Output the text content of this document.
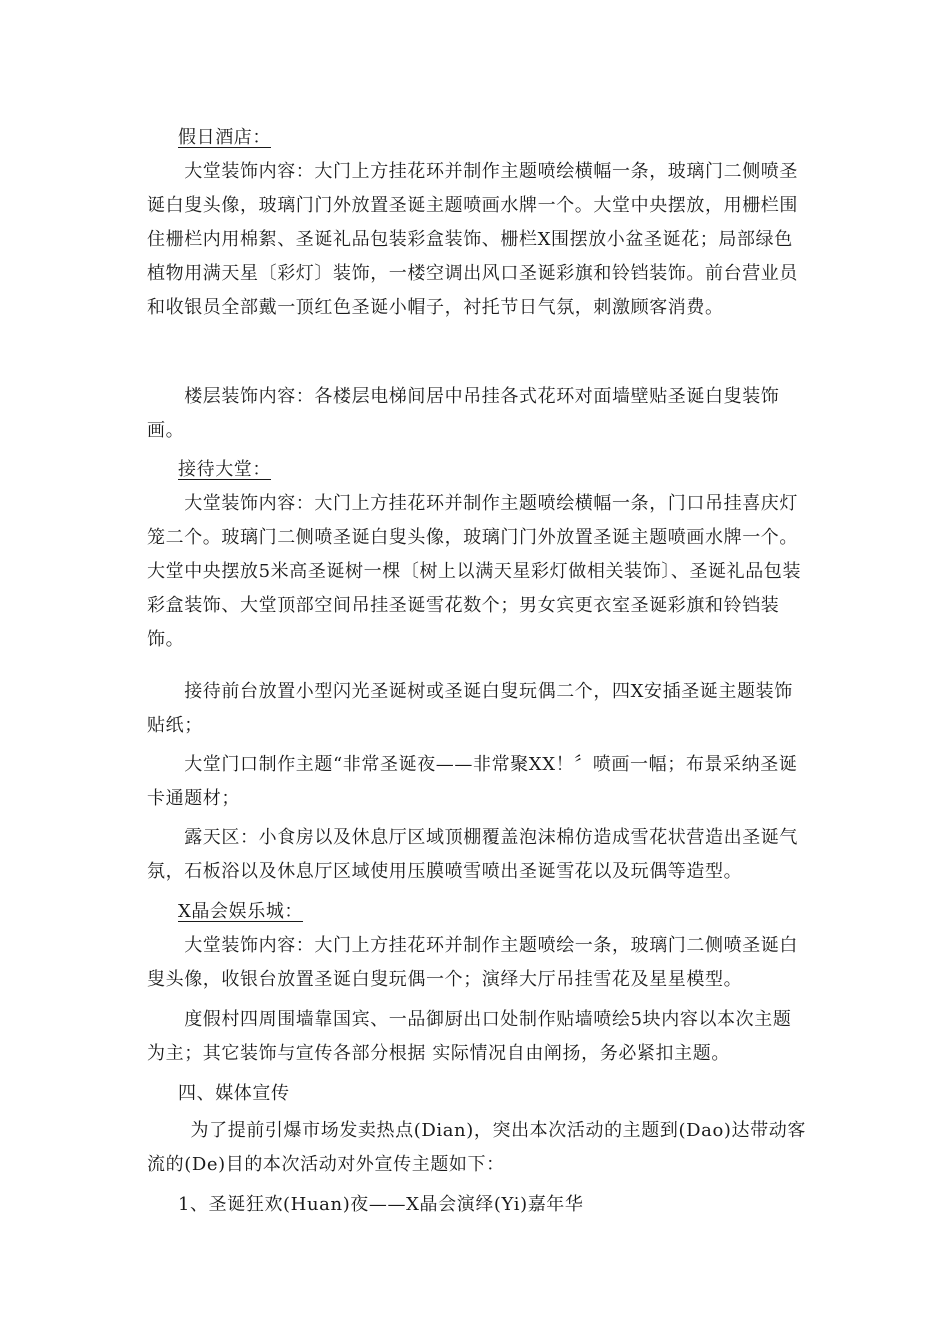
假日酒店：

　　大堂装饰内容：大门上方挂花环并制作主题喷绘横幅一条，玻璃门二侧喷圣诞白叟头像，玻璃门门外放置圣诞主题喷画水牌一个。大堂中央摆放，用栅栏围住栅栏内用棉絮、圣诞礼品包装彩盒装饰、栅栏X围摆放小盆圣诞花；局部绿色植物用满天星〔彩灯〕装饰，一楼空调出风口圣诞彩旗和铃铛装饰。前台营业员和收银员全部戴一顶红色圣诞小帽子，衬托节日气氛，刺激顾客消费。

　　楼层装饰内容：各楼层电梯间居中吊挂各式花环对面墙壁贴圣诞白叟装饰画。

接待大堂：

　　大堂装饰内容：大门上方挂花环并制作主题喷绘横幅一条，门口吊挂喜庆灯笼二个。玻璃门二侧喷圣诞白叟头像，玻璃门门外放置圣诞主题喷画水牌一个。大堂中央摆放5米高圣诞树一棵〔树上以满天星彩灯做相关装饰〕、圣诞礼品包装彩盒装饰、大堂顶部空间吊挂圣诞雪花数个；男女宾更衣室圣诞彩旗和铃铛装饰。

　　接待前台放置小型闪光圣诞树或圣诞白叟玩偶二个，四X安插圣诞主题装饰贴纸；

　　大堂门口制作主题“非常圣诞夜——非常聚XX！〞喷画一幅；布景采纳圣诞卡通题材；

　　露天区：小食房以及休息厅区域顶棚覆盖泡沫棉仿造成雪花状营造出圣诞气氛，石板浴以及休息厅区域使用压膜喷雪喷出圣诞雪花以及玩偶等造型。

X晶会娱乐城：

　　大堂装饰内容：大门上方挂花环并制作主题喷绘一条，玻璃门二侧喷圣诞白叟头像，收银台放置圣诞白叟玩偶一个；演绎大厅吊挂雪花及星星模型。

　　度假村四周围墙靠国宾、一品御厨出口处制作贴墙喷绘5块内容以本次主题为主；其它装饰与宣传各部分根据 实际情况自由阐扬，务必紧扣主题。

四、媒体宣传

　　 为了提前引爆市场发卖热点(Dian)，突出本次活动的主题到(Dao)达带动客流的(De)目的本次活动对外宣传主题如下：

1、圣诞狂欢(Huan)夜——X晶会演绎(Yi)嘉年华
